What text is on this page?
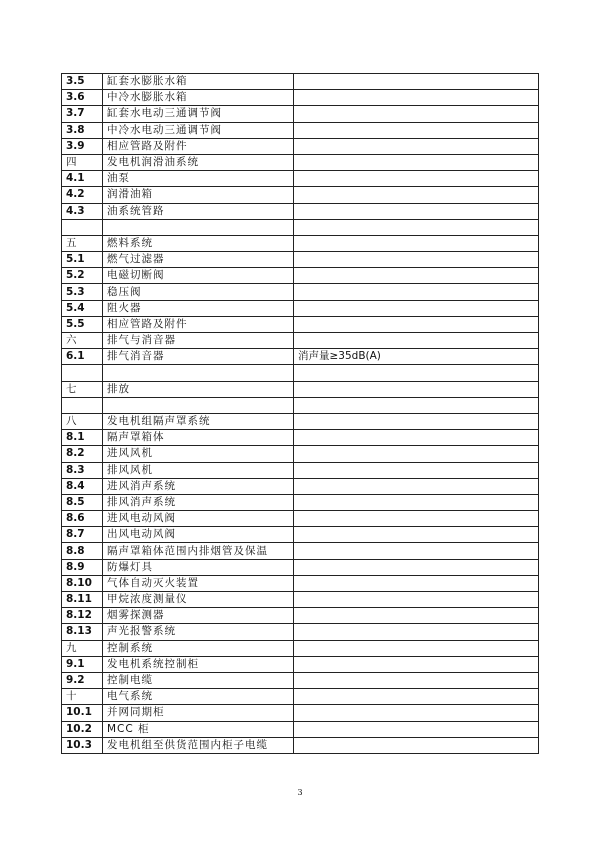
3.5	缸套水膨胀水箱	
3.6	中冷水膨胀水箱	
3.7	缸套水电动三通调节阀	
3.8	中冷水电动三通调节阀	
3.9	相应管路及附件	
四	发电机润滑油系统	
4.1	油泵	
4.2	润滑油箱	
4.3	油系统管路	

五	燃料系统	
5.1	燃气过滤器	
5.2	电磁切断阀	
5.3	稳压阀	
5.4	阻火器	
5.5	相应管路及附件	
六	排气与消音器	
6.1	排气消音器	消声量≥35dB(A)

七	排放	

八	发电机组隔声罩系统	
8.1	隔声罩箱体	
8.2	进风风机	
8.3	排风风机	
8.4	进风消声系统	
8.5	排风消声系统	
8.6	进风电动风阀	
8.7	出风电动风阀	
8.8	隔声罩箱体范围内排烟管及保温	
8.9	防爆灯具	
8.10	气体自动灭火装置	
8.11	甲烷浓度测量仪	
8.12	烟雾探测器	
8.13	声光报警系统	
九	控制系统	
9.1	发电机系统控制柜	
9.2	控制电缆	
十	电气系统	
10.1	并网同期柜	
10.2	MCC 柜	
10.3	发电机组至供货范围内柜子电缆	
3
